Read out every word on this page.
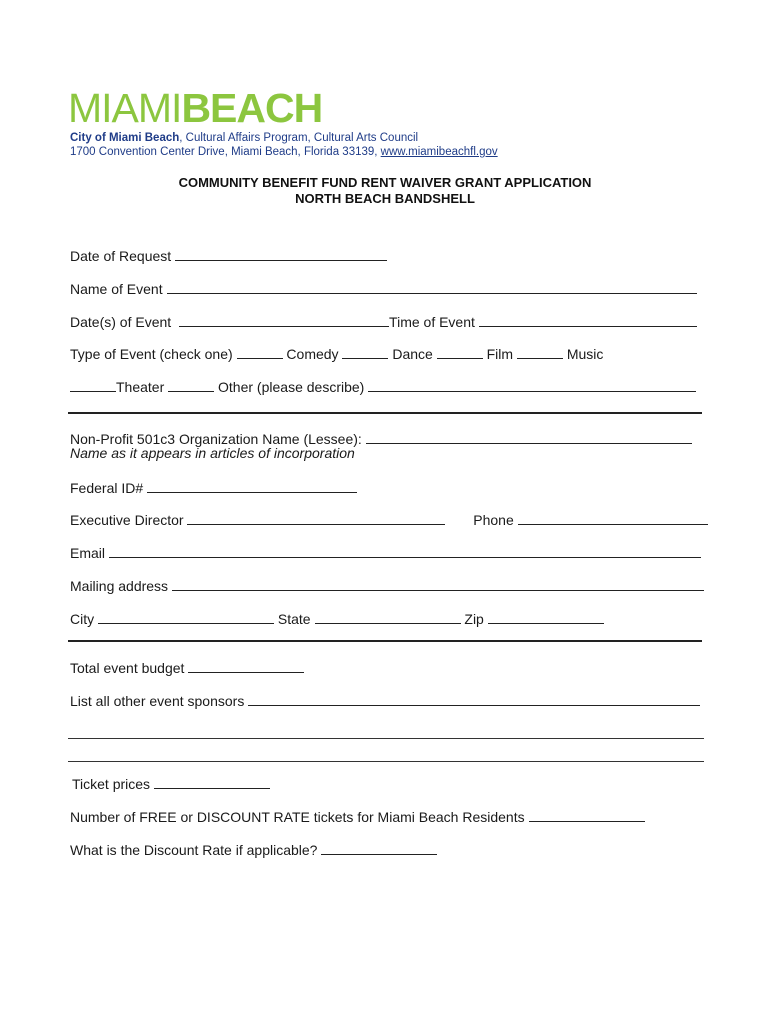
MIAMIBEACH
City of Miami Beach, Cultural Affairs Program, Cultural Arts Council
1700 Convention Center Drive, Miami Beach, Florida 33139, www.miamibeachfl.gov
COMMUNITY BENEFIT FUND RENT WAIVER GRANT APPLICATION
NORTH BEACH BANDSHELL
Date of Request
Name of Event
Date(s) of Event	Time of Event
Type of Event (check one)	Comedy	Dance	Film	Music
Theater	Other (please describe)
Non-Profit 501c3 Organization Name (Lessee):
Name as it appears in articles of incorporation
Federal ID#
Executive Director	Phone
Email
Mailing address
City	State	Zip
Total event budget
List all other event sponsors
Ticket prices
Number of FREE or DISCOUNT RATE tickets for Miami Beach Residents
What is the Discount Rate if applicable?
